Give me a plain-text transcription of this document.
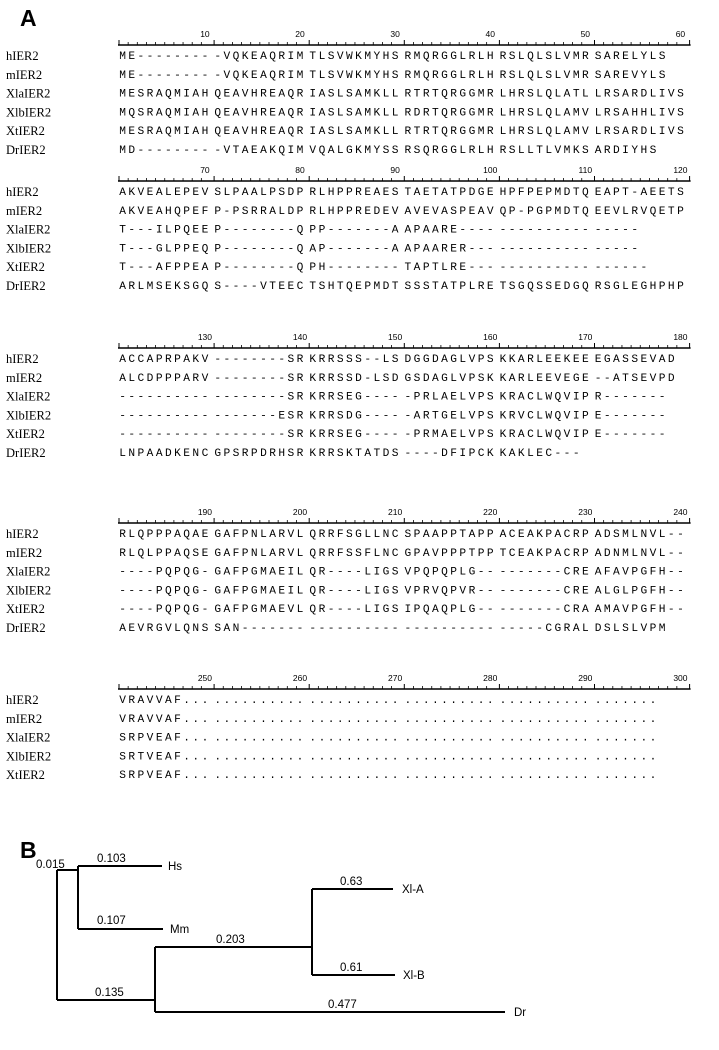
A
10	20	30	40	50	60
hIER2	M E - - - - - - - - - V Q K E A Q R I M T L S V W K M Y H S R M Q R G G L R L H R S L Q L S L V M R S A R E L Y L S
mIER2	M E - - - - - - - - - V Q K E A Q R I M T L S V W K M Y H S R M Q R G G L R L H R S L Q L S L V M R S A R E V Y L S
XlaIER2	M E S R A Q M I A H Q E A V H R E A Q R I A S L S A M K L L R T R T Q R G G M R L H R S L Q L A T L L R S A R D L I V S
XlbIER2	M Q S R A Q M I A H Q E A V H R E A Q R I A S L S A M K L L R D R T Q R G G M R L H R S L Q L A M V L R S A H H L I V S
XtIER2	M E S R A Q M I A H Q E A V H R E A Q R I A S L S A M K L L R T R T Q R G G M R L H R S L Q L A M V L R S A R D L I V S
DrIER2	M D - - - - - - - - - V T A E A K Q I M V Q A L G K M Y S S R S Q R G G L R L H R S L L T L V M K S A R D I Y H S
70	80	90	100	110	120
hIER2	A K V E A L E P E V S L P A A L P S D P R L H P P R E A E S T A E T A T P D G E H P F P E P M D T Q E A P T - A E E T S
mIER2	A K V E A H Q P E F P - P S R R A L D P R L H P P R E D E V A V E V A S P E A V Q P - P G P M D T Q E E V L R V Q E T P
XlaIER2	T - - - I L P Q E E P - - - - - - - - Q P P - - - - - - - A A P A A R E - - - - - - - - - - - - - - - - - - -
XlbIER2	T - - - G L P P E Q P - - - - - - - - Q A P - - - - - - - A A P A A R E R - - - - - - - - - - - - - - - - - -
XtIER2	T - - - A F P P E A P - - - - - - - - Q P H - - - - - - - - T A P T L R E - - - - - - - - - - - - - - - - - - -
DrIER2	A R L M S E K S G Q S - - - - V T E E C T S H T Q E P M D T S S S T A T P L R E T S G Q S S E D G Q R S G L E G H P H P
130	140	150	160	170	180
hIER2	A C C A P R P A K V - - - - - - - - S R K R R S S S - - L S D G G D A G L V P S K K A R L E E K E E E G A S S E V A D
mIER2	A L C D P P P A R V - - - - - - - - S R K R R S S D - L S D G S D A G L V P S K K A R L E E V E G E - - A T S E V P D
XlaIER2	- - - - - - - - - - - - - - - - - - S R K R R S E G - - - - - P R L A E L V P S K R A C L W Q V I P R - - - - - - -
XlbIER2	- - - - - - - - - - - - - - - - - E S R K R R S D G - - - - - A R T G E L V P S K R V C L W Q V I P E - - - - - - -
XtIER2	- - - - - - - - - - - - - - - - - - S R K R R S E G - - - - - P R M A E L V P S K R A C L W Q V I P E - - - - - - -
DrIER2	L N P A A D K E N C G P S R P D R H S R K R R S K T A T D S - - - - D F I P C K K A K L E C - - -
190	200	210	220	230	240
hIER2	R L Q P P P A Q A E G A F P N L A R V L Q R R F S G L L N C S P A A P P T A P P A C E A K P A C R P A D S M L N V L - -
mIER2	R L Q L P P A Q S E G A F P N L A R V L Q R R F S S F L N C G P A V P P P T P P T C E A K P A C R P A D N M L N V L - -
XlaIER2	- - - - P Q P Q G - G A F P G M A E I L Q R - - - - L I G S V P Q P Q P L G - - - - - - - - - C R E A F A V P G F H - -
XlbIER2	- - - - P Q P Q G - G A F P G M A E I L Q R - - - - L I G S V P R V Q P V R - - - - - - - - - C R E A L G L P G F H - -
XtIER2	- - - - P Q P Q G - G A F P G M A E V L Q R - - - - L I G S I P Q A Q P L G - - - - - - - - - C R A A M A V P G F H - -
DrIER2	A E V R G V L Q N S S A N - - - - - - - - - - - - - - - - - - - - - - - - - - - - - - - - C G R A L D S L S L V P M
250	260	270	280	290	300
hIER2	V R A V V A F . . . . . . . . . . . . . . . . . . . . . . . . . . . . . . . . . . . . . . . . . . . . . . . . . .
mIER2	V R A V V A F . . . . . . . . . . . . . . . . . . . . . . . . . . . . . . . . . . . . . . . . . . . . . . . . . .
XlaIER2	S R P V E A F . . . . . . . . . . . . . . . . . . . . . . . . . . . . . . . . . . . . . . . . . . . . . . . . . .
XlbIER2	S R T V E A F . . . . . . . . . . . . . . . . . . . . . . . . . . . . . . . . . . . . . . . . . . . . . . . . . .
XtIER2	S R P V E A F . . . . . . . . . . . . . . . . . . . . . . . . . . . . . . . . . . . . . . . . . . . . . . . . . .
B
Hs
Mm
Xl-A
Xl-B
Dr
0.103
0.015
0.107
0.203
0.63
0.61
0.135
0.477
